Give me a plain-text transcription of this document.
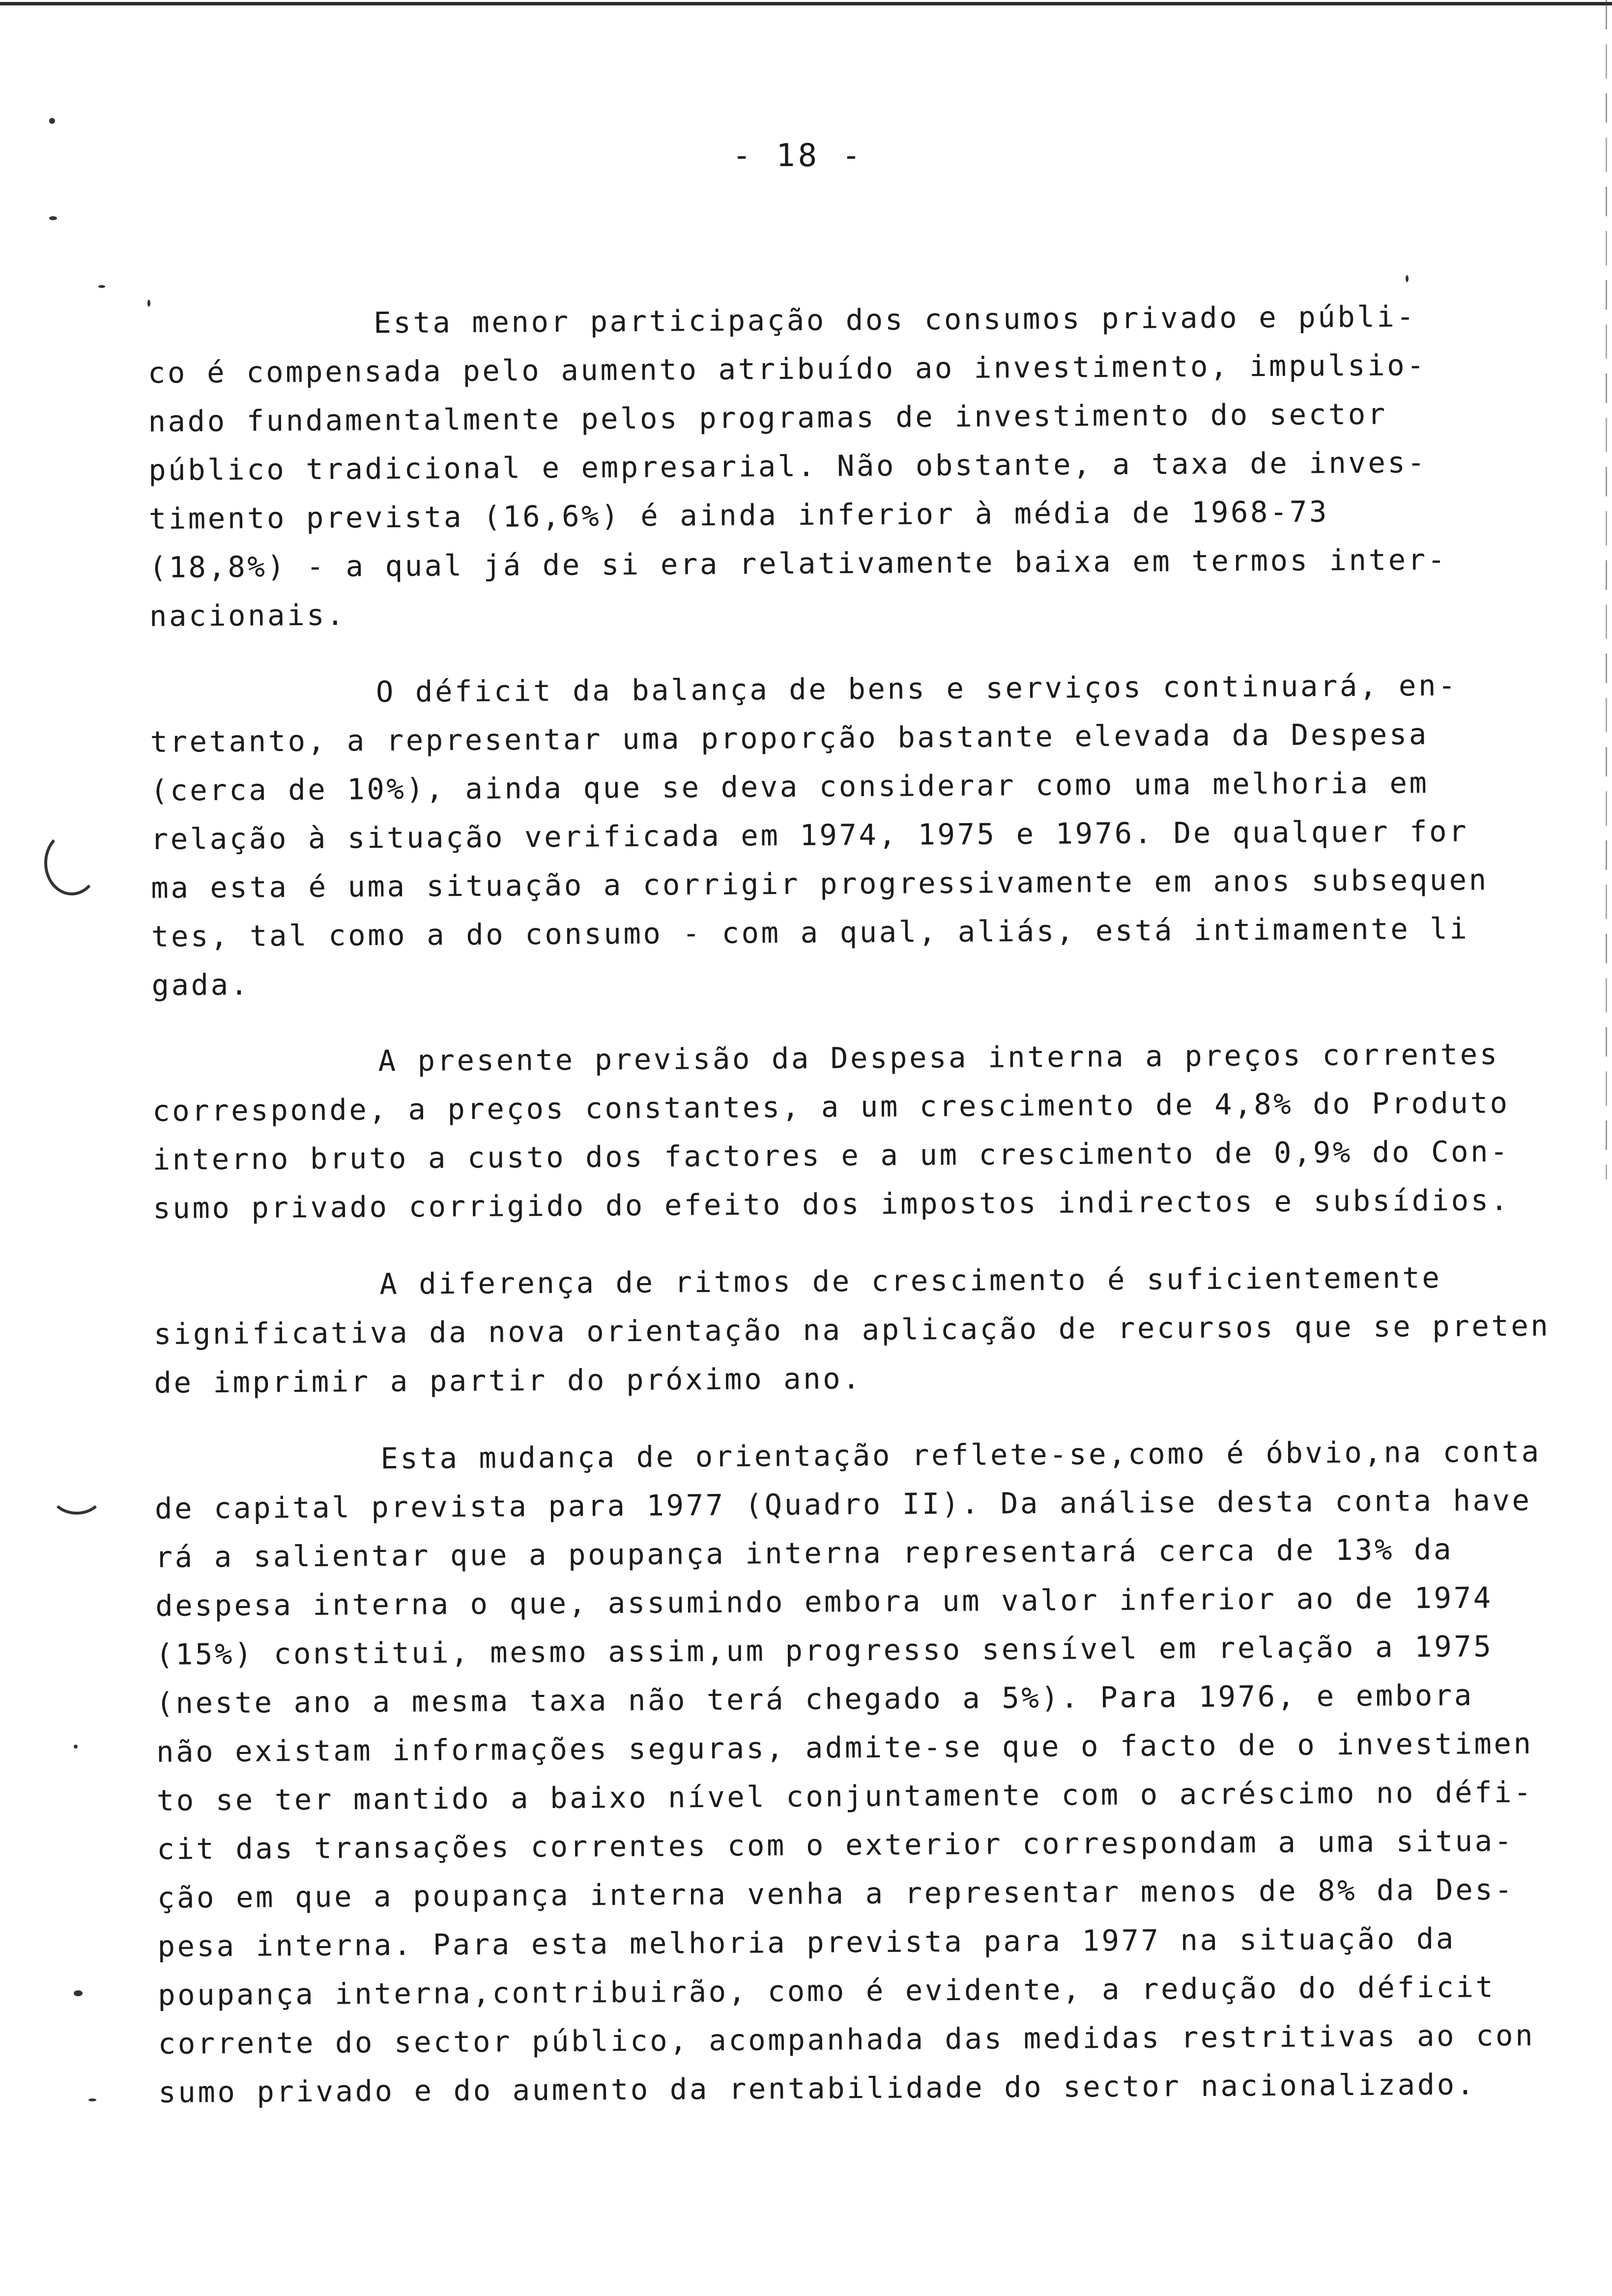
- 18 -
Esta menor participação dos consumos privado e públi-
co é compensada pelo aumento atribuído ao investimento, impulsio-
nado fundamentalmente pelos programas de investimento do sector
público tradicional e empresarial. Não obstante, a taxa de inves-
timento prevista (16,6%) é ainda inferior à média de 1968-73
(18,8%) - a qual já de si era relativamente baixa em termos inter-
nacionais.
O déficit da balança de bens e serviços continuará, en-
tretanto, a representar uma proporção bastante elevada da Despesa
(cerca de 10%), ainda que se deva considerar como uma melhoria em
relação à situação verificada em 1974, 1975 e 1976. De qualquer for
ma esta é uma situação a corrigir progressivamente em anos subsequen
tes, tal como a do consumo - com a qual, aliás, está intimamente li
gada.
A presente previsão da Despesa interna a preços correntes
corresponde, a preços constantes, a um crescimento de 4,8% do Produto
interno bruto a custo dos factores e a um crescimento de 0,9% do Con-
sumo privado corrigido do efeito dos impostos indirectos e subsídios.
A diferença de ritmos de crescimento é suficientemente
significativa da nova orientação na aplicação de recursos que se preten
de imprimir a partir do próximo ano.
Esta mudança de orientação reflete-se,como é óbvio,na conta
de capital prevista para 1977 (Quadro II). Da análise desta conta have
rá a salientar que a poupança interna representará cerca de 13% da
despesa interna o que, assumindo embora um valor inferior ao de 1974
(15%) constitui, mesmo assim,um progresso sensível em relação a 1975
(neste ano a mesma taxa não terá chegado a 5%). Para 1976, e embora
não existam informações seguras, admite-se que o facto de o investimen
to se ter mantido a baixo nível conjuntamente com o acréscimo no défi-
cit das transações correntes com o exterior correspondam a uma situa-
ção em que a poupança interna venha a representar menos de 8% da Des-
pesa interna. Para esta melhoria prevista para 1977 na situação da
poupança interna,contribuirão, como é evidente, a redução do déficit
corrente do sector público, acompanhada das medidas restritivas ao con
sumo privado e do aumento da rentabilidade do sector nacionalizado.
